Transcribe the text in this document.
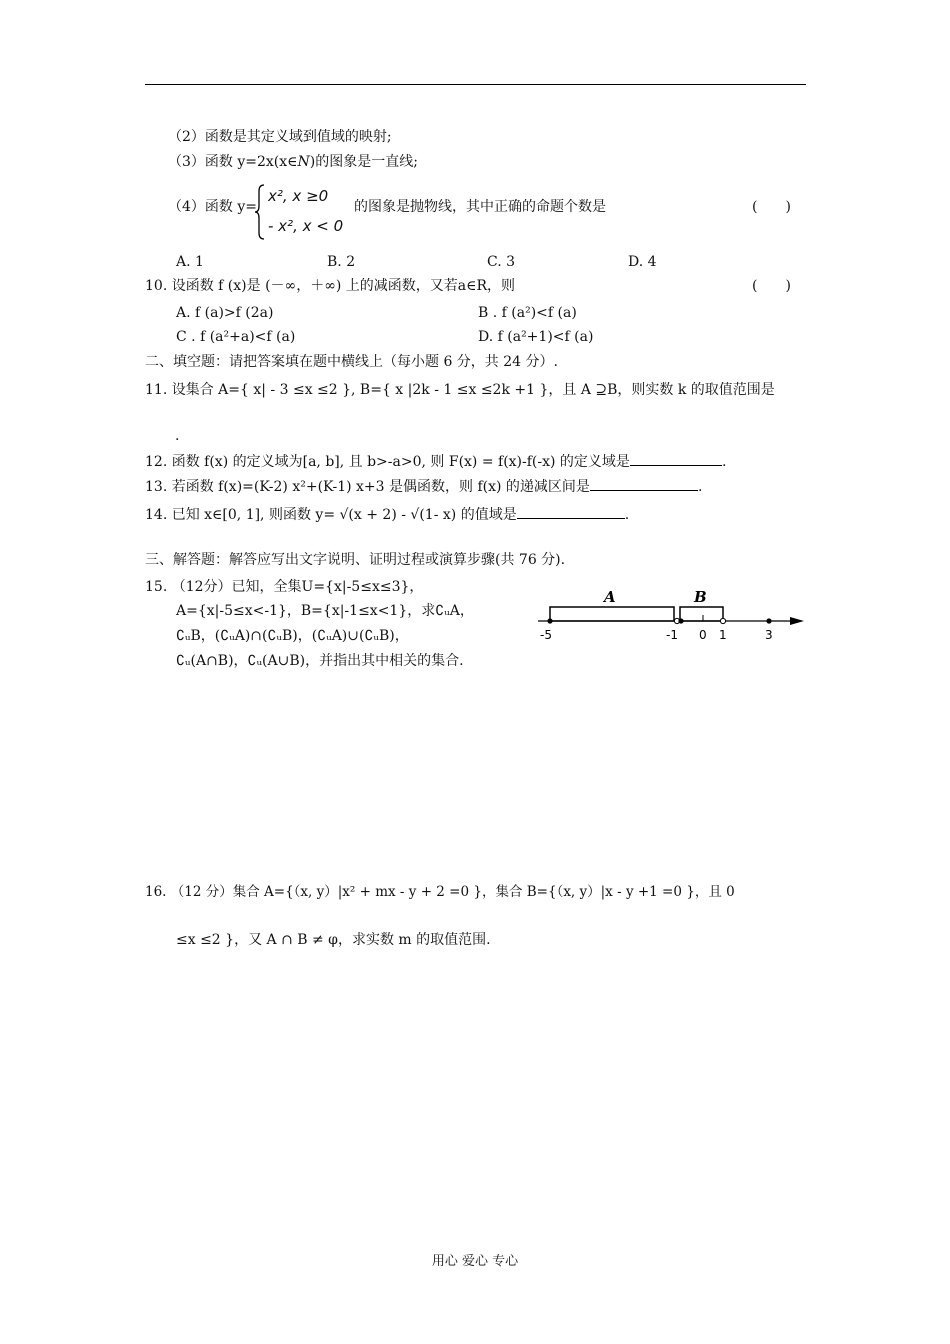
（2）函数是其定义域到值域的映射;
（3）函数 y=2x(x∈N)的图象是一直线;
（4）函数 y=
x², x ≥0
- x², x < 0
的图象是抛物线，其中正确的命题个数是	(　　)
A. 1	B. 2	C. 3	D. 4
10. 设函数 f (x)是 (－∞，＋∞) 上的减函数，又若a∈R，则	(　　)
A. f (a)>f (2a)	B . f (a²)<f (a)
C . f (a²+a)<f (a)	D. f (a²+1)<f (a)
二、填空题：请把答案填在题中横线上（每小题 6 分，共 24 分）.
11. 设集合 A={ x| - 3 ≤x ≤2 }, B={ x |2k - 1 ≤x ≤2k +1 }，且 A ⊇B，则实数 k 的取值范围是
.
12. 函数 f(x) 的定义域为[a, b], 且 b>-a>0, 则 F(x) = f(x)-f(-x) 的定义域是	.
13. 若函数 f(x)=(K-2) x²+(K-1) x+3 是偶函数，则 f(x) 的递减区间是	.
14. 已知 x∈[0, 1], 则函数 y= √(x + 2) - √(1- x) 的值域是	.
三、解答题：解答应写出文字说明、证明过程或演算步骤(共 76 分).
15. （12分）已知，全集U={x|-5≤x≤3}，
A={x|-5≤x<-1}，B={x|-1≤x<1}，求∁ᵤA，
∁ᵤB，(∁ᵤA)∩(∁ᵤB)，(∁ᵤA)∪(∁ᵤB)，
∁ᵤ(A∩B)，∁ᵤ(A∪B)，并指出其中相关的集合.
A	B
-5	-1 0 1	3
16. （12 分）集合 A={（x, y）|x² + mx - y + 2 =0 }，集合 B={（x, y）|x - y +1 =0 }，且 0
≤x ≤2 }，又 A ∩ B ≠ φ，求实数 m 的取值范围.
用心 爱心 专心
